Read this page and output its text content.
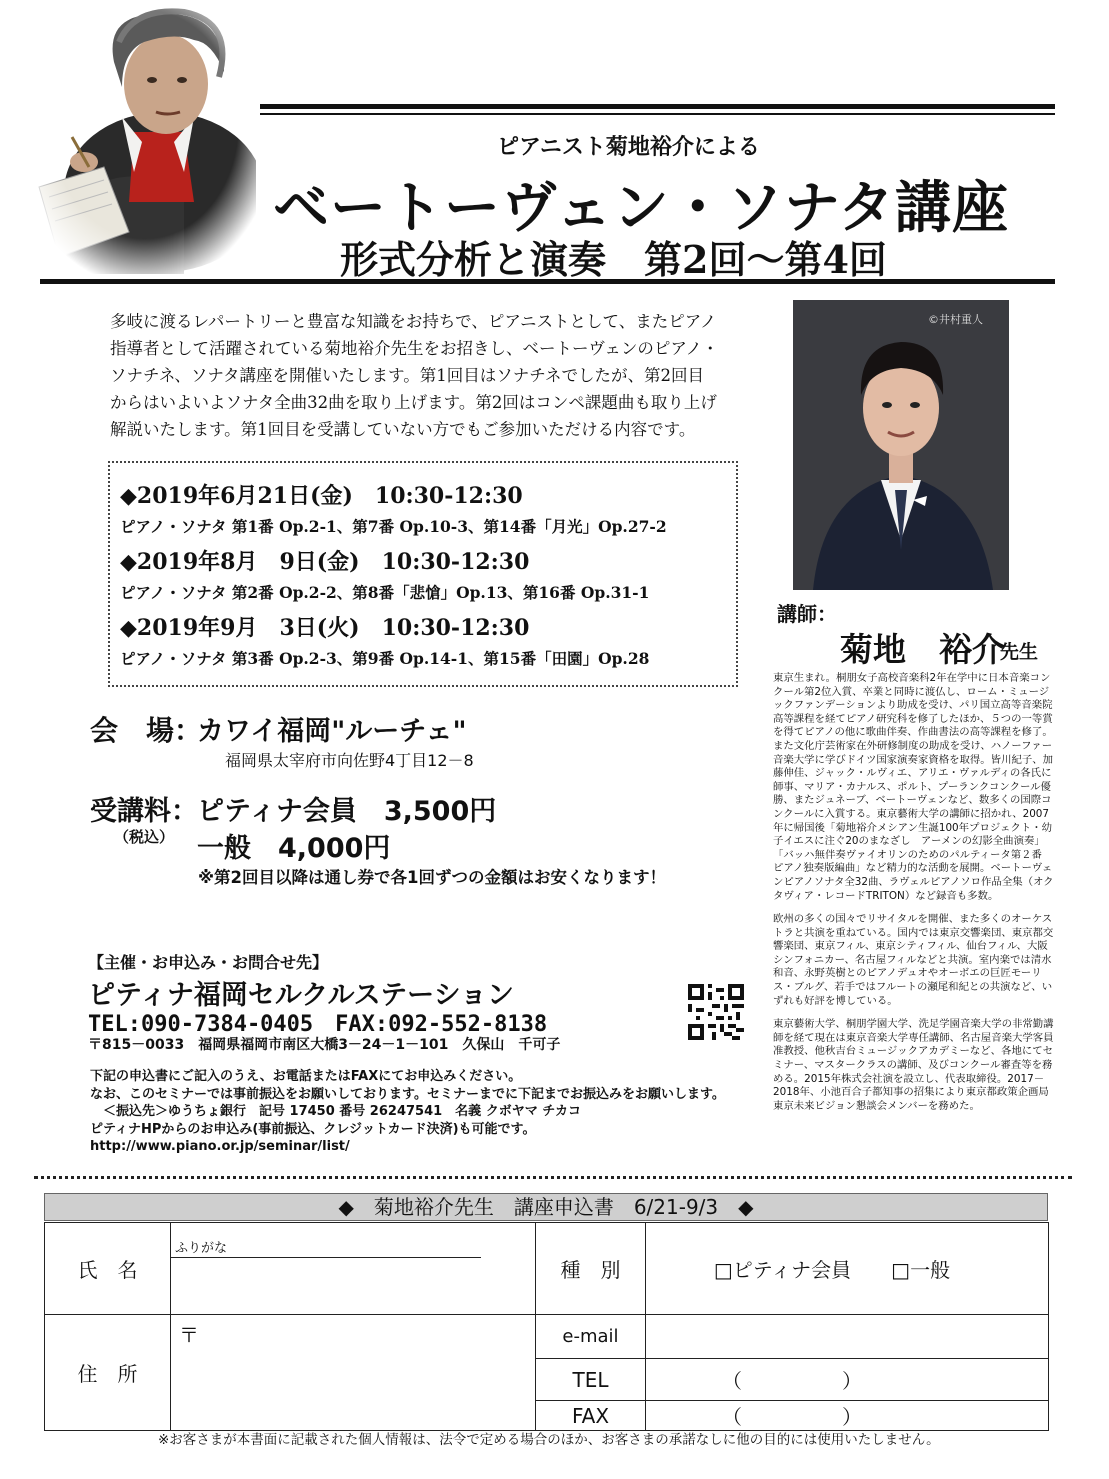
ピアニスト菊地裕介による
ベートーヴェン・ソナタ講座
形式分析と演奏　第2回～第4回
多岐に渡るレパートリーと豊富な知識をお持ちで、ピアニストとして、またピアノ
指導者として活躍されている菊地裕介先生をお招きし、ベートーヴェンのピアノ・
ソナチネ、ソナタ講座を開催いたします。第1回目はソナチネでしたが、第2回目
からはいよいよソナタ全曲32曲を取り上げます。第2回はコンペ課題曲も取り上げ
解説いたします。第1回目を受講していない方でもご参加いただける内容です。
◆2019年6月21日(金)　10:30-12:30
ピアノ・ソナタ 第1番 Op.2-1、第7番 Op.10-3、第14番「月光」Op.27-2
◆2019年8月　9日(金)　10:30-12:30
ピアノ・ソナタ 第2番 Op.2-2、第8番「悲愴」Op.13、第16番 Op.31-1
◆2019年9月　3日(火)　10:30-12:30
ピアノ・ソナタ 第3番 Op.2-3、第9番 Op.14-1、第15番「田園」Op.28
©井村重人
講師：
菊地　裕介
先生

東京生まれ。桐朋女子高校音楽科2年在学中に日本音楽コンクール第2位入賞、卒業と同時に渡仏し、ローム・ミュージックファンデーションより助成を受け、パリ国立高等音楽院高等課程を経てピアノ研究科を修了したほか、５つの一等賞を得てピアノの他に歌曲伴奏、作曲書法の高等課程を修了。また文化庁芸術家在外研修制度の助成を受け、ハノーファー音楽大学に学びドイツ国家演奏家資格を取得。皆川紀子、加藤伸佳、ジャック・ルヴィエ、アリエ・ヴァルディの各氏に師事、マリア・カナルス、ポルト、プーランクコンクール優勝、またジュネーブ、ベートーヴェンなど、数多くの国際コンクールに入賞する。東京藝術大学の講師に招かれ、2007年に帰国後「菊地裕介メシアン生誕100年プロジェクト・幼子イエスに注ぐ20のまなざし　アーメンの幻影全曲演奏」「バッハ無伴奏ヴァイオリンのためのパルティータ第２番　ピアノ独奏版編曲」など精力的な活動を展開。ベートーヴェンピアノソナタ全32曲、ラヴェルピアノソロ作品全集（オクタヴィア・レコードTRITON）など録音も多数。

欧州の多くの国々でリサイタルを開催、また多くのオーケストラと共演を重ねている。国内では東京交響楽団、東京都交響楽団、東京フィル、東京シティフィル、仙台フィル、大阪シンフォニカー、名古屋フィルなどと共演。室内楽では清水和音、永野英樹とのピアノデュオやオーボエの巨匠モーリス・ブルグ、若手ではフルートの瀬尾和紀との共演など、いずれも好評を博している。

東京藝術大学、桐朋学園大学、洗足学園音楽大学の非常勤講師を経て現在は東京音楽大学専任講師、名古屋音楽大学客員准教授、他秋吉台ミュージックアカデミーなど、各地にてセミナー、マスタークラスの講師、及びコンクール審査等を務める。2015年株式会社演を設立し、代表取締役。2017－2018年、小池百合子都知事の招集により東京都政策企画局　東京未来ビジョン懇談会メンバーを務めた。

会　場：
カワイ福岡"ルーチェ"
福岡県太宰府市向佐野4丁目12－8
受講料：
（税込）
ピティナ会員　3,500円
一般　4,000円
※第2回目以降は通し券で各1回ずつの金額はお安くなります！
【主催・お申込み・お問合せ先】
ピティナ福岡セルクルステーション
TEL:090-7384-0405　FAX:092-552-8138
〒815－0033　福岡県福岡市南区大橋3－24－1－101　久保山　千可子
下記の申込書にご記入のうえ、お電話またはFAXにてお申込みください。
なお、このセミナーでは事前振込をお願いしております。セミナーまでに下記までお振込みをお願いします。
　＜振込先＞ゆうちょ銀行　記号 17450 番号 26247541　名義 クボヤマ チカコ
ピティナHPからのお申込み(事前振込、クレジットカード決済)も可能です。
http://www.piano.or.jp/seminar/list/
◆　菊地裕介先生　講座申込書　6/21-9/3　◆
氏　名	ふりがな	種　別	□ピティナ会員　　□一般
住　所	〒	e-mail	
		TEL	（　　　　　）
		FAX	（　　　　　）
※お客さまが本書面に記載された個人情報は、法令で定める場合のほか、お客さまの承諾なしに他の目的には使用いたしません。
